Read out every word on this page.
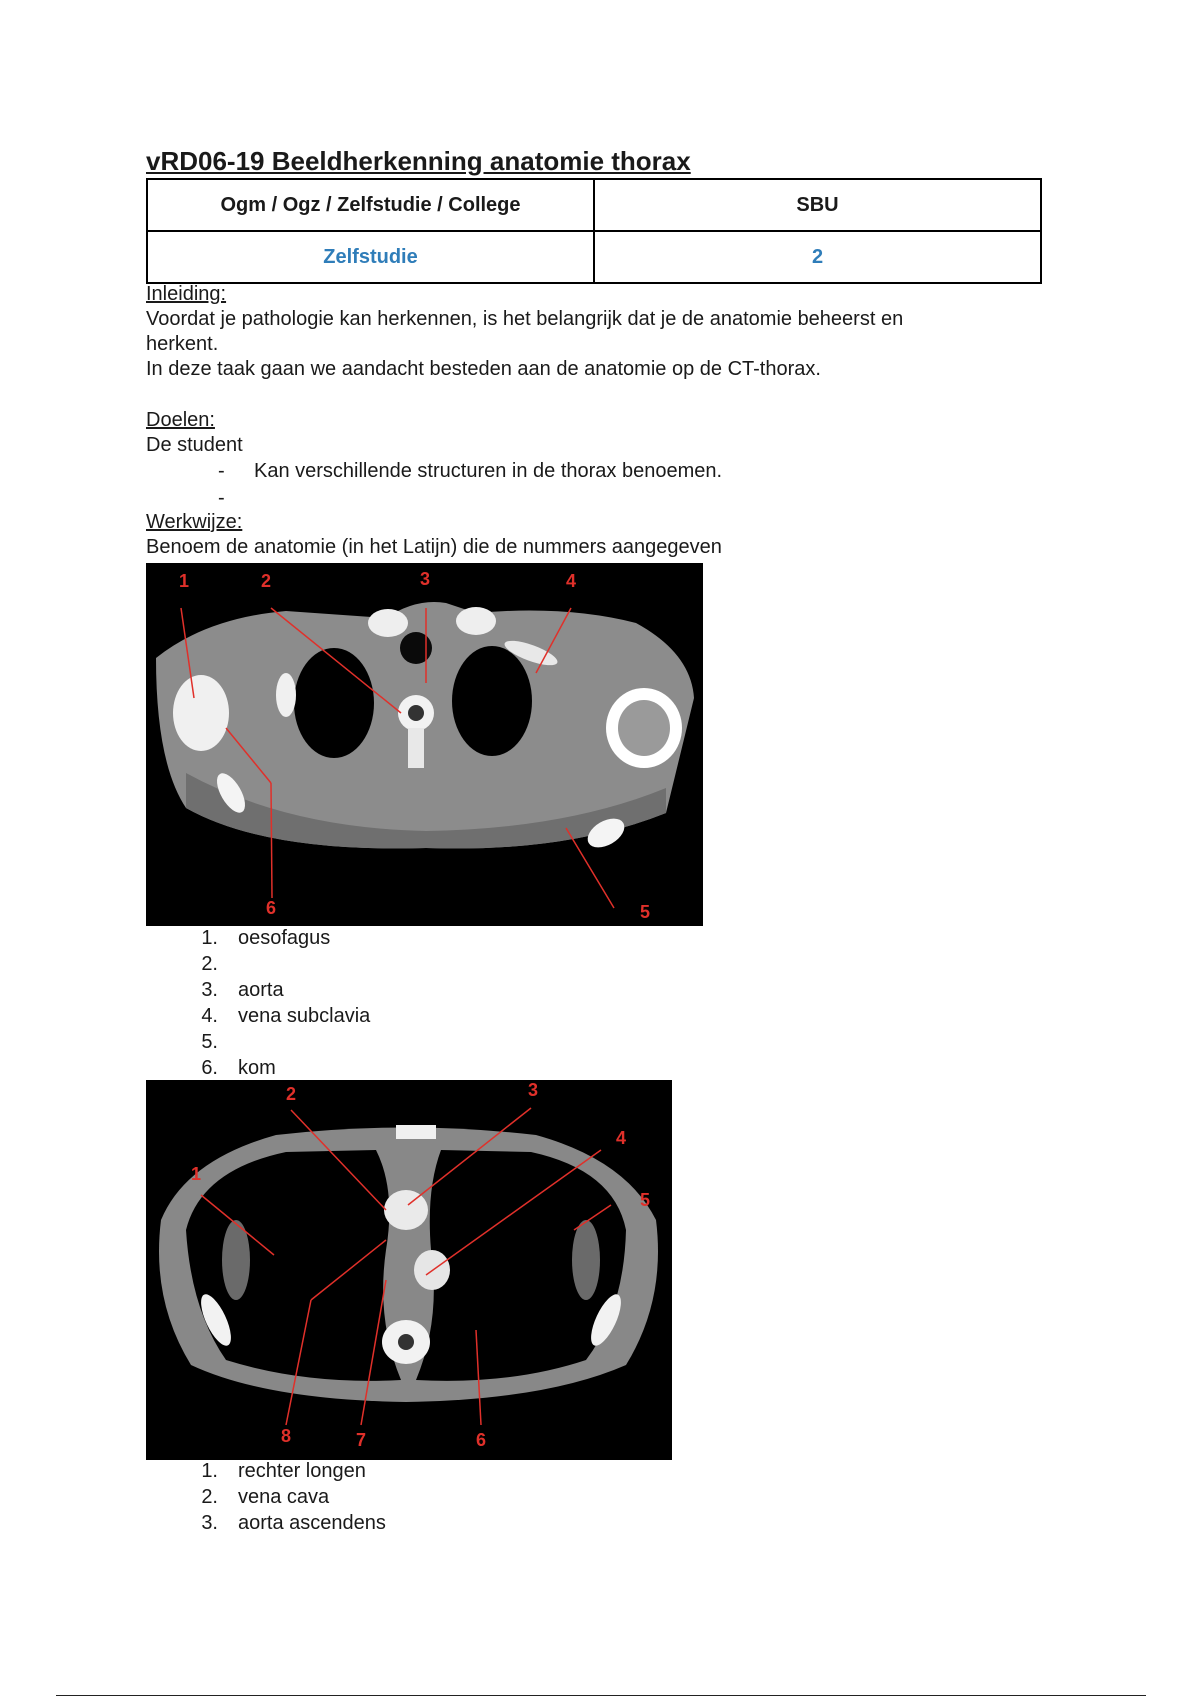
vRD06-19 Beeldherkenning anatomie thorax
Ogm / Ogz / Zelfstudie / College	SBU
Zelfstudie	2

Inleiding:

Voordat je pathologie kan herkennen, is het belangrijk dat je de anatomie beheerst en

herkent.

In deze taak gaan we aandacht besteden aan de anatomie op de CT-thorax.

Doelen:

De student

- Kan verschillende structuren in de thorax benoemen.
-

Werkwijze:

Benoem de anatomie (in het Latijn) die de nummers aangegeven

1	2	3	4
5
6
1. oesofagus
2.
3. aorta
4. vena subclavia
5.
6. kom
1
2	3
4
5
6
7
8
1. rechter longen
2. vena cava
3. aorta ascendens
